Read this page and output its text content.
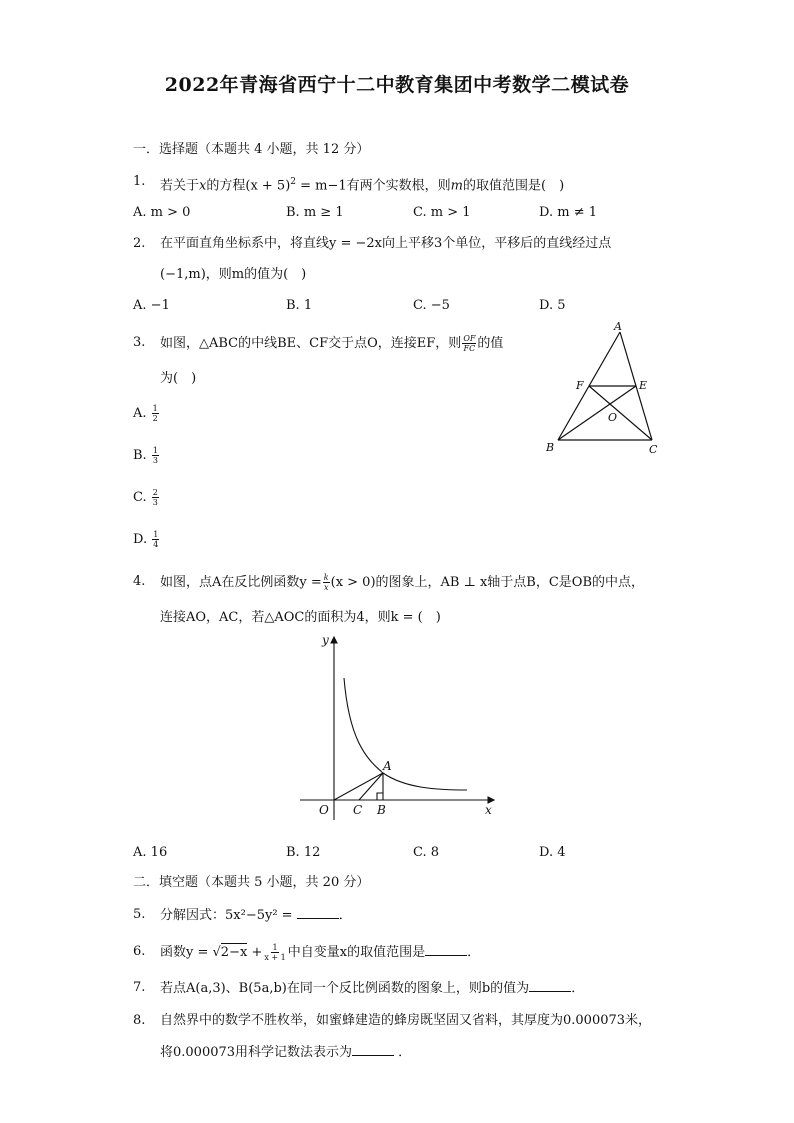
2022年青海省西宁十二中教育集团中考数学二模试卷
一．选择题（本题共 4 小题，共 12 分）
1. 若关于x的方程$(x + 5)^2 = m-1$有两个实数根，则m的取值范围是(　)
A. m > 0	B. m ≥ 1	C. m > 1	D. m ≠ 1
2. 在平面直角坐标系中，将直线y = −2x向上平移3个单位，平移后的直线经过点
(−1,m)，则m的值为(　)
A. −1	B. 1	C. −5	D. 5
3. 如图，△ABC的中线BE、CF交于点O，连接EF，则 $\frac{OF}{FC}$ 的值
为(　)
A. $\frac{1}{2}$
B. $\frac{1}{3}$
C. $\frac{2}{3}$
D. $\frac{1}{4}$
A
F	E
O
B	C
4. 如图，点A在反比例函数$y = \frac{k}{x} (x > 0)$的图象上，AB ⊥ x轴于点B，C是OB的中点，
连接AO，AC，若△AOC的面积为4，则k = (　)
y
x
O
A
C B
A. 16	B. 12	C. 8	D. 4
二．填空题（本题共 5 小题，共 20 分）
5. 分解因式：5x²−5y² =	．
6. 函数$y = √2-x + \frac{1}{x + 1}$ 中自变量x的取值范围是	．
7. 若点A(a,3)、B(5a,b)在同一个反比例函数的图象上，则b的值为	．
8. 自然界中的数学不胜枚举，如蜜蜂建造的蜂房既坚固又省料，其厚度为0.000073米，
将0.000073用科学记数法表示为	．
